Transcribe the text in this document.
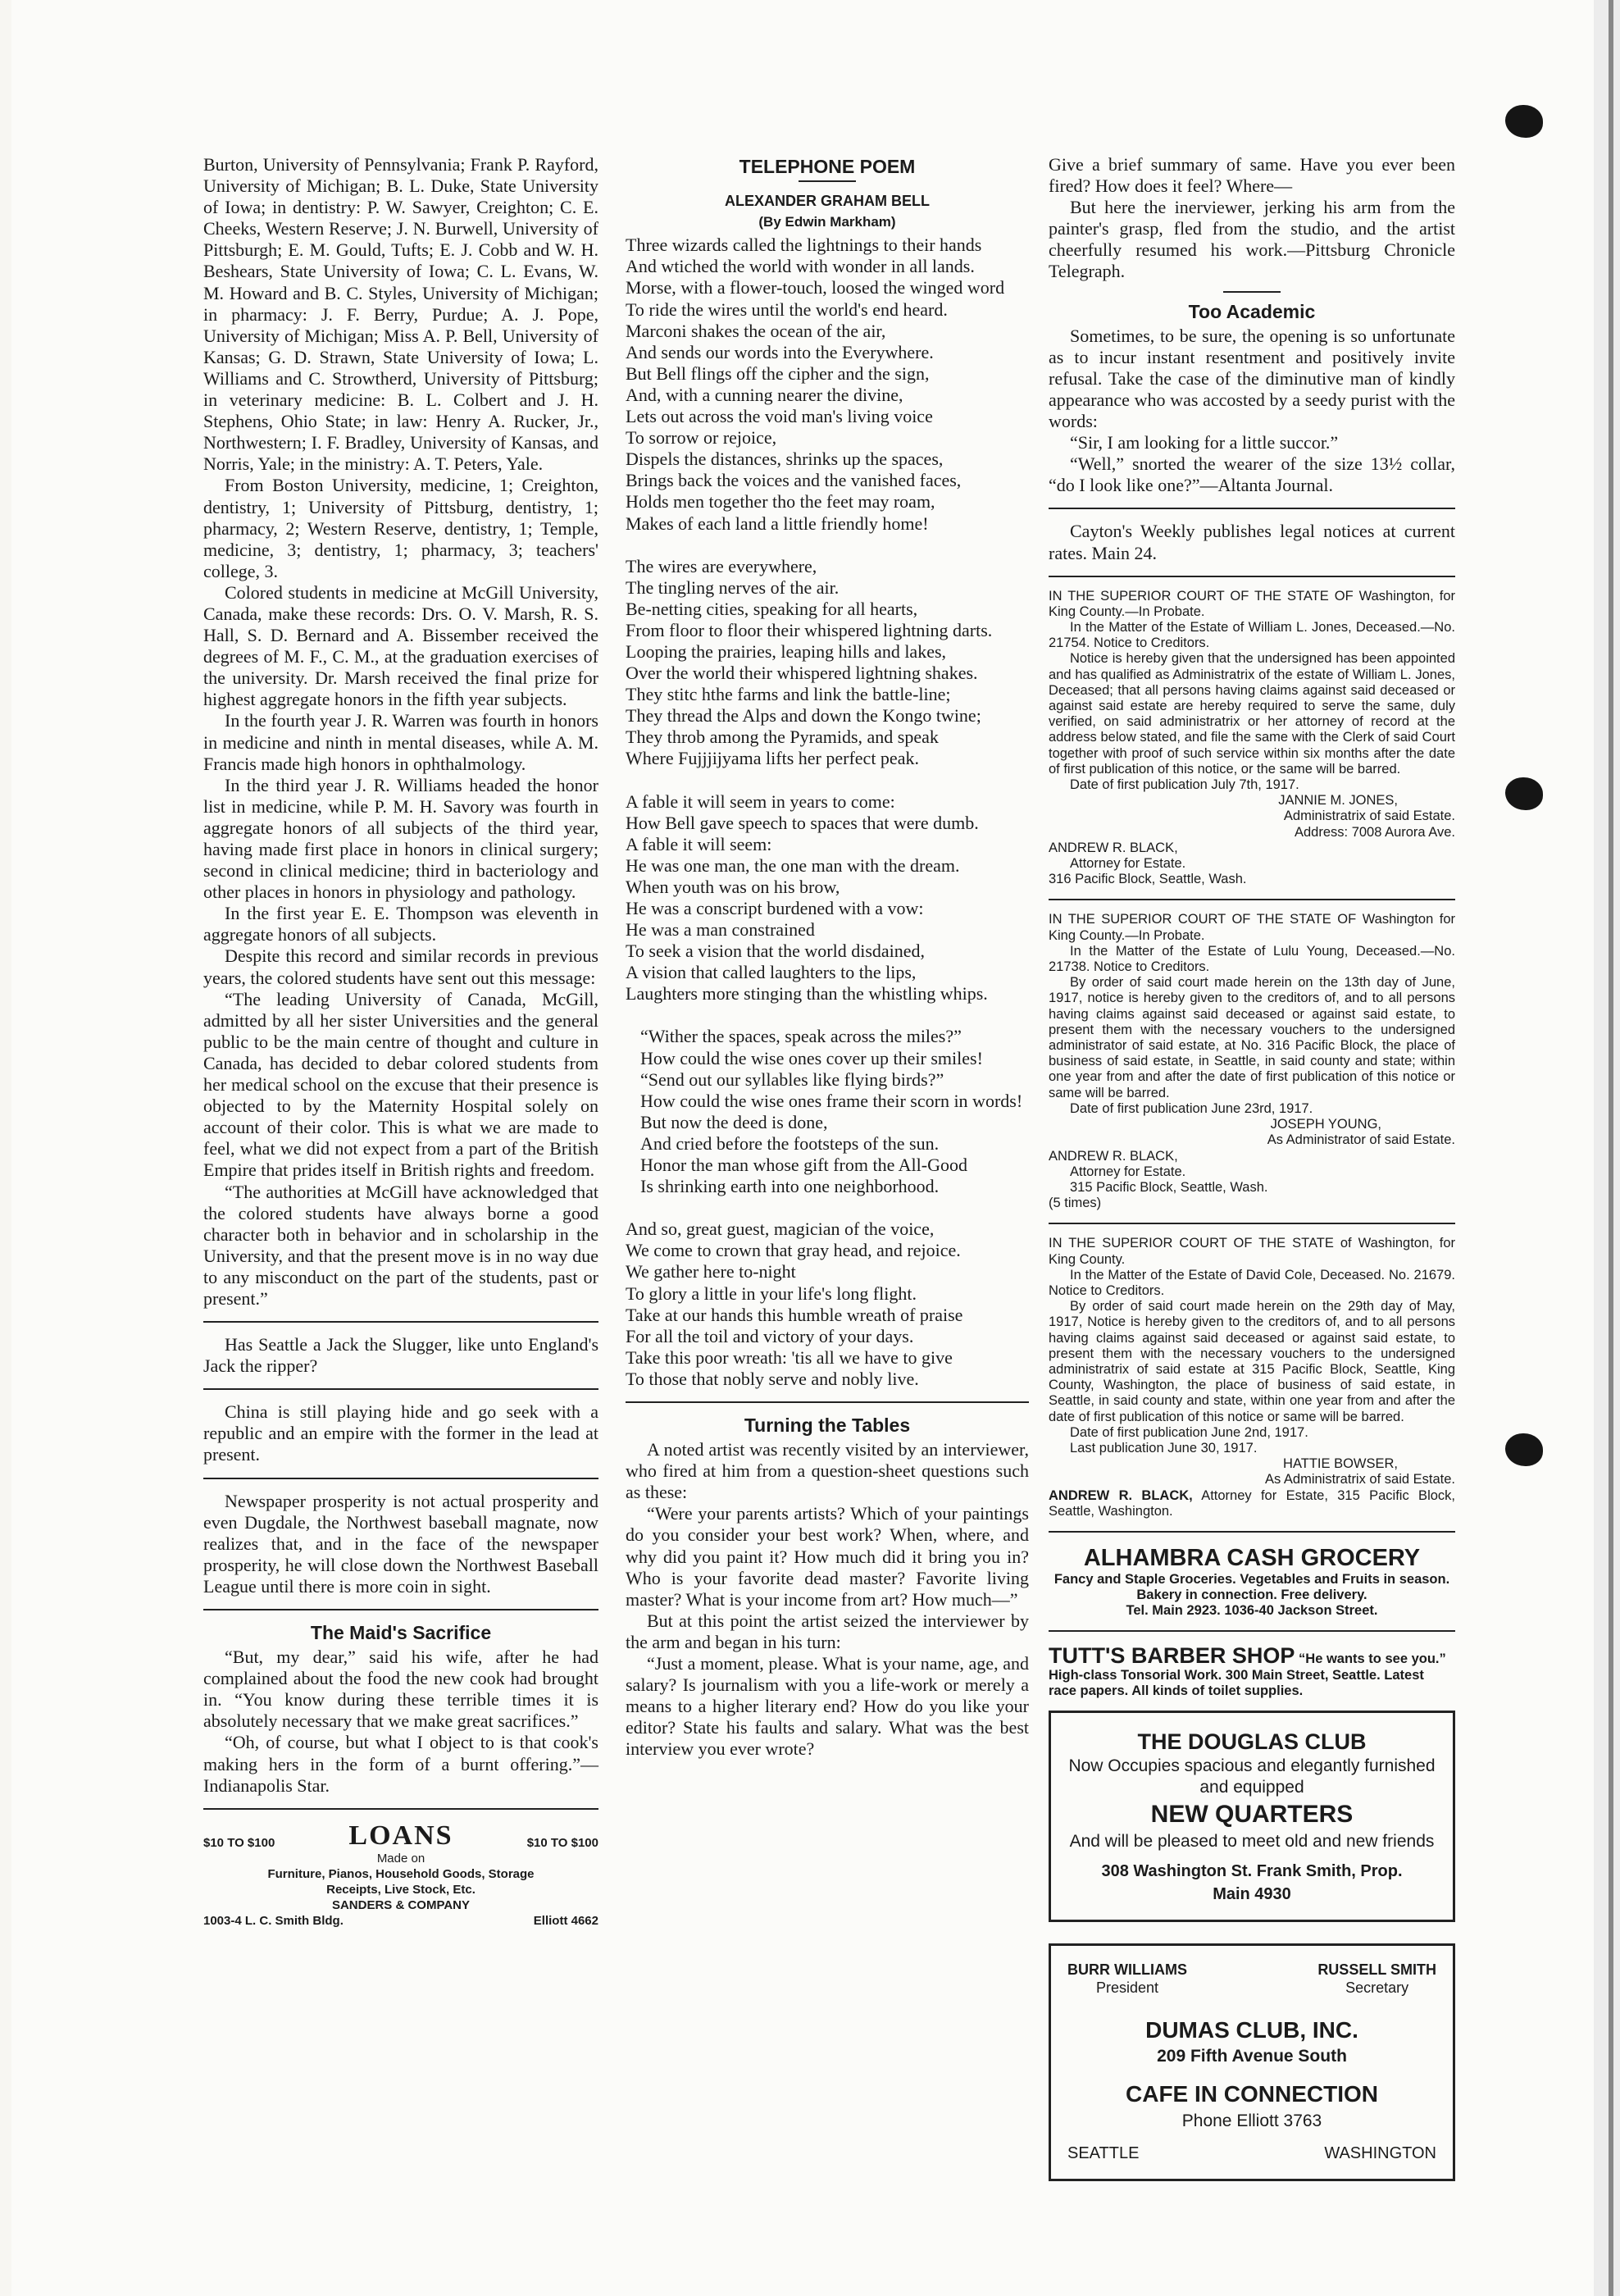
Burton, University of Pennsylvania; Frank P. Rayford, University of Michigan; B. L. Duke, State University of Iowa; in dentistry: P. W. Sawyer, Creighton; C. E. Cheeks, Western Reserve; J. N. Burwell, University of Pittsburgh; E. M. Gould, Tufts; E. J. Cobb and W. H. Beshears, State University of Iowa; C. L. Evans, W. M. Howard and B. C. Styles, University of Michigan; in pharmacy: J. F. Berry, Purdue; A. J. Pope, University of Michigan; Miss A. P. Bell, University of Kansas; G. D. Strawn, State University of Iowa; L. Williams and C. Strowtherd, University of Pittsburg; in veterinary medicine: B. L. Colbert and J. H. Stephens, Ohio State; in law: Henry A. Rucker, Jr., Northwestern; I. F. Bradley, University of Kansas, and Norris, Yale; in the ministry: A. T. Peters, Yale.

From Boston University, medicine, 1; Creighton, dentistry, 1; University of Pittsburg, dentistry, 1; pharmacy, 2; Western Reserve, dentistry, 1; Temple, medicine, 3; dentistry, 1; pharmacy, 3; teachers' college, 3.

Colored students in medicine at McGill University, Canada, make these records: Drs. O. V. Marsh, R. S. Hall, S. D. Bernard and A. Bissember received the degrees of M. F., C. M., at the graduation exercises of the university. Dr. Marsh received the final prize for highest aggregate honors in the fifth year subjects.

In the fourth year J. R. Warren was fourth in honors in medicine and ninth in mental diseases, while A. M. Francis made high honors in ophthalmology.

In the third year J. R. Williams headed the honor list in medicine, while P. M. H. Savory was fourth in aggregate honors of all subjects of the third year, having made first place in honors in clinical surgery; second in clinical medicine; third in bacteriology and other places in honors in physiology and pathology.

In the first year E. E. Thompson was eleventh in aggregate honors of all subjects.

Despite this record and similar records in previous years, the colored students have sent out this message:

“The leading University of Canada, McGill, admitted by all her sister Universities and the general public to be the main centre of thought and culture in Canada, has decided to debar colored students from her medical school on the excuse that their presence is objected to by the Maternity Hospital solely on account of their color. This is what we are made to feel, what we did not expect from a part of the British Empire that prides itself in British rights and freedom.

“The authorities at McGill have acknowledged that the colored students have always borne a good character both in behavior and in scholarship in the University, and that the present move is in no way due to any misconduct on the part of the students, past or present.”

Has Seattle a Jack the Slugger, like unto England's Jack the ripper?

China is still playing hide and go seek with a republic and an empire with the former in the lead at present.

Newspaper prosperity is not actual prosperity and even Dugdale, the Northwest baseball magnate, now realizes that, and in the face of the newspaper prosperity, he will close down the Northwest Baseball League until there is more coin in sight.

The Maid's Sacrifice

“But, my dear,” said his wife, after he had complained about the food the new cook had brought in. “You know during these terrible times it is absolutely necessary that we make great sacrifices.”

“Oh, of course, but what I object to is that cook's making hers in the form of a burnt offering.”—Indianapolis Star.

$10 TO $100	LOANS	$10 TO $100
Made on
Furniture, Pianos, Household Goods, Storage
Receipts, Live Stock, Etc.
SANDERS & COMPANY
1003-4 L. C. Smith Bldg.	Elliott 4662
TELEPHONE POEM
ALEXANDER GRAHAM BELL
(By Edwin Markham)

Three wizards called the lightnings to their hands

And wtiched the world with wonder in all lands.

Morse, with a flower-touch, loosed the winged word

To ride the wires until the world's end heard.

Marconi shakes the ocean of the air,

And sends our words into the Everywhere.

But Bell flings off the cipher and the sign,

And, with a cunning nearer the divine,

Lets out across the void man's living voice

To sorrow or rejoice,

Dispels the distances, shrinks up the spaces,

Brings back the voices and the vanished faces,

Holds men together tho the feet may roam,

Makes of each land a little friendly home!

The wires are everywhere,

The tingling nerves of the air.

Be-netting cities, speaking for all hearts,

From floor to floor their whispered lightning darts.

Looping the prairies, leaping hills and lakes,

Over the world their whispered lightning shakes.

They stitc hthe farms and link the battle-line;

They thread the Alps and down the Kongo twine;

They throb among the Pyramids, and speak

Where Fujjjijyama lifts her perfect peak.

A fable it will seem in years to come:

How Bell gave speech to spaces that were dumb.

A fable it will seem:

He was one man, the one man with the dream.

When youth was on his brow,

He was a conscript burdened with a vow:

He was a man constrained

To seek a vision that the world disdained,

A vision that called laughters to the lips,

Laughters more stinging than the whistling whips.

“Wither the spaces, speak across the miles?”

How could the wise ones cover up their smiles!

“Send out our syllables like flying birds?”

How could the wise ones frame their scorn in words!

But now the deed is done,

And cried before the footsteps of the sun.

Honor the man whose gift from the All-Good

Is shrinking earth into one neighborhood.

And so, great guest, magician of the voice,

We come to crown that gray head, and rejoice.

We gather here to-night

To glory a little in your life's long flight.

Take at our hands this humble wreath of praise

For all the toil and victory of your days.

Take this poor wreath: 'tis all we have to give

To those that nobly serve and nobly live.

Turning the Tables

A noted artist was recently visited by an interviewer, who fired at him from a question-sheet questions such as these:

“Were your parents artists? Which of your paintings do you consider your best work? When, where, and why did you paint it? How much did it bring you in? Who is your favorite dead master? Favorite living master? What is your income from art? How much—”

But at this point the artist seized the interviewer by the arm and began in his turn:

“Just a moment, please. What is your name, age, and salary? Is journalism with you a life-work or merely a means to a higher literary end? How do you like your editor? State his faults and salary. What was the best interview you ever wrote?

Give a brief summary of same. Have you ever been fired? How does it feel? Where—

But here the inerviewer, jerking his arm from the painter's grasp, fled from the studio, and the artist cheerfully resumed his work.—Pittsburg Chronicle Telegraph.

Too Academic

Sometimes, to be sure, the opening is so unfortunate as to incur instant resentment and positively invite refusal. Take the case of the diminutive man of kindly appearance who was accosted by a seedy purist with the words:

“Sir, I am looking for a little succor.”

“Well,” snorted the wearer of the size 13½ collar, “do I look like one?”—Altanta Journal.

Cayton's Weekly publishes legal notices at current rates. Main 24.

IN THE SUPERIOR COURT OF THE STATE OF Washington, for King County.—In Probate.

In the Matter of the Estate of William L. Jones, Deceased.—No. 21754. Notice to Creditors.

Notice is hereby given that the undersigned has been appointed and has qualified as Administratrix of the estate of William L. Jones, Deceased; that all persons having claims against said deceased or against said estate are hereby required to serve the same, duly verified, on said administratrix or her attorney of record at the address below stated, and file the same with the Clerk of said Court together with proof of such service within six months after the date of first publication of this notice, or the same will be barred.

Date of first publication July 7th, 1917.

JANNIE M. JONES,

Administratrix of said Estate.

Address: 7008 Aurora Ave.

ANDREW R. BLACK,

Attorney for Estate.

316 Pacific Block, Seattle, Wash.

IN THE SUPERIOR COURT OF THE STATE OF Washington for King County.—In Probate.

In the Matter of the Estate of Lulu Young, Deceased.—No. 21738. Notice to Creditors.

By order of said court made herein on the 13th day of June, 1917, notice is hereby given to the creditors of, and to all persons having claims against said deceased or against said estate, to present them with the necessary vouchers to the undersigned administrator of said estate, at No. 316 Pacific Block, the place of business of said estate, in Seattle, in said county and state; within one year from and after the date of first publication of this notice or same will be barred.

Date of first publication June 23rd, 1917.

JOSEPH YOUNG,

As Administrator of said Estate.

ANDREW R. BLACK,

Attorney for Estate.

315 Pacific Block, Seattle, Wash.

(5 times)

IN THE SUPERIOR COURT OF THE STATE of Washington, for King County.

In the Matter of the Estate of David Cole, Deceased. No. 21679. Notice to Creditors.

By order of said court made herein on the 29th day of May, 1917, Notice is hereby given to the creditors of, and to all persons having claims against said deceased or against said estate, to present them with the necessary vouchers to the undersigned administratrix of said estate at 315 Pacific Block, Seattle, King County, Washington, the place of business of said estate, in Seattle, in said county and state, within one year from and after the date of first publication of this notice or same will be barred.

Date of first publication June 2nd, 1917.

Last publication June 30, 1917.

HATTIE BOWSER,

As Administratrix of said Estate.

ANDREW R. BLACK, Attorney for Estate, 315 Pacific Block, Seattle, Washington.

ALHAMBRA CASH GROCERY
Fancy and Staple Groceries. Vegetables and Fruits in season. Bakery in connection. Free delivery.
Tel. Main 2923. 1036-40 Jackson Street.
TUTT'S BARBER SHOP “He wants to see you.” High-class Tonsorial Work. 300 Main Street, Seattle. Latest race papers. All kinds of toilet supplies.
THE DOUGLAS CLUB
Now Occupies spacious and elegantly furnished and equipped
NEW QUARTERS
And will be pleased to meet old and new friends
308 Washington St. Frank Smith, Prop.
Main 4930
BURR WILLIAMS
President
RUSSELL SMITH
Secretary
DUMAS CLUB, INC.
209 Fifth Avenue South
CAFE IN CONNECTION
Phone Elliott 3763
SEATTLE	WASHINGTON
